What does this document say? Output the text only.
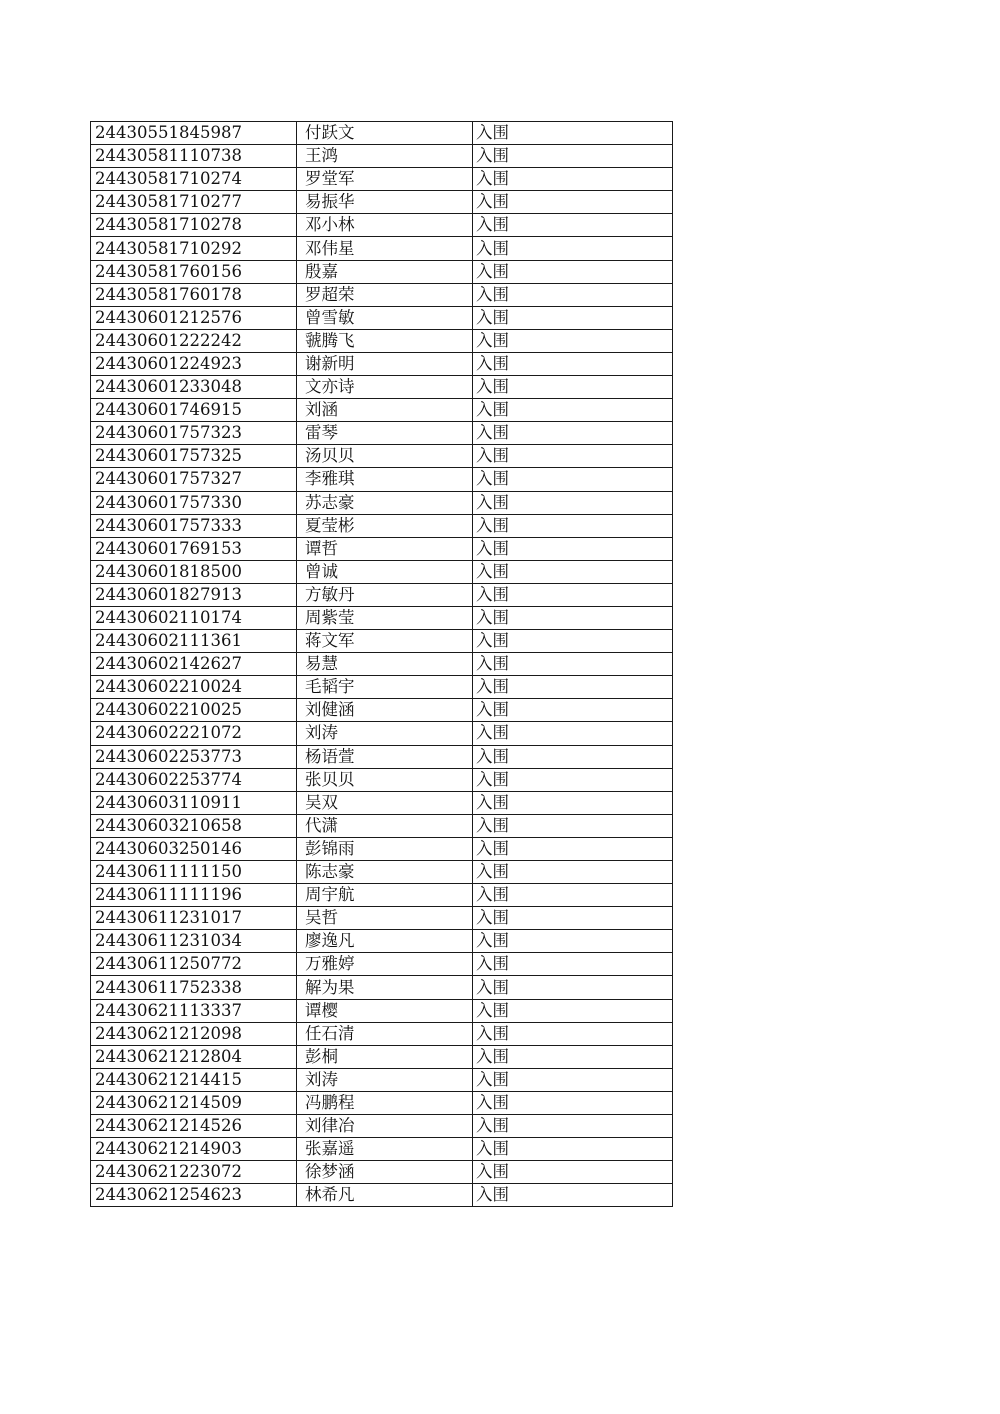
24430551845987	付跃文	入围
24430581110738	王鸿	入围
24430581710274	罗堂军	入围
24430581710277	易振华	入围
24430581710278	邓小林	入围
24430581710292	邓伟星	入围
24430581760156	殷嘉	入围
24430581760178	罗超荣	入围
24430601212576	曾雪敏	入围
24430601222242	虢腾飞	入围
24430601224923	谢新明	入围
24430601233048	文亦诗	入围
24430601746915	刘涵	入围
24430601757323	雷琴	入围
24430601757325	汤贝贝	入围
24430601757327	李雅琪	入围
24430601757330	苏志豪	入围
24430601757333	夏莹彬	入围
24430601769153	谭哲	入围
24430601818500	曾诚	入围
24430601827913	方敏丹	入围
24430602110174	周紫莹	入围
24430602111361	蒋文军	入围
24430602142627	易慧	入围
24430602210024	毛韬宇	入围
24430602210025	刘健涵	入围
24430602221072	刘涛	入围
24430602253773	杨语萱	入围
24430602253774	张贝贝	入围
24430603110911	吴双	入围
24430603210658	代潇	入围
24430603250146	彭锦雨	入围
24430611111150	陈志豪	入围
24430611111196	周宇航	入围
24430611231017	吴哲	入围
24430611231034	廖逸凡	入围
24430611250772	万雅婷	入围
24430611752338	解为果	入围
24430621113337	谭樱	入围
24430621212098	任石清	入围
24430621212804	彭桐	入围
24430621214415	刘涛	入围
24430621214509	冯鹏程	入围
24430621214526	刘律冶	入围
24430621214903	张嘉遥	入围
24430621223072	徐梦涵	入围
24430621254623	林希凡	入围
